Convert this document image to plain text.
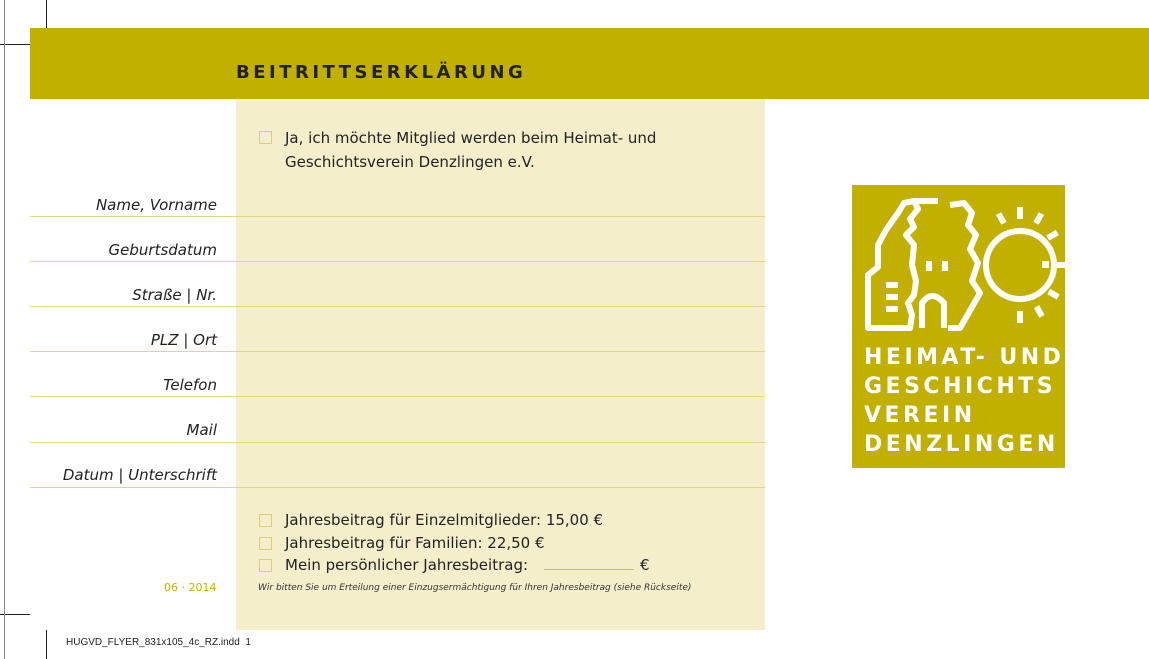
BEITRITTSERKLÄRUNG
Ja, ich möchte Mitglied werden beim Heimat- und
Geschichtsverein Denzlingen e.V.
Name, Vorname
Geburtsdatum
Straße | Nr.
PLZ | Ort
Telefon
Mail
Datum | Unterschrift
Jahresbeitrag für Einzelmitglieder: 15,00 €
Jahresbeitrag für Familien: 22,50 €
Mein persönlicher Jahresbeitrag:	€
06 · 2014	Wir bitten Sie um Erteilung einer Einzugsermächtigung für Ihren Jahresbeitrag (siehe Rückseite)
HUGVD_FLYER_831x105_4c_RZ.indd 1
HEIMAT- UND
GESCHICHTS
VEREIN
DENZLINGEN
